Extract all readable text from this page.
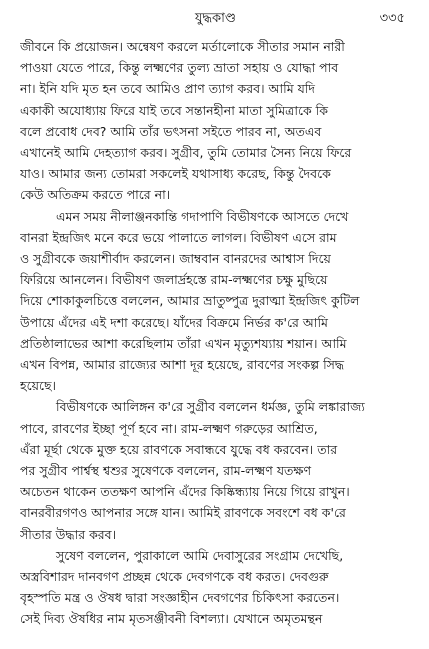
যুদ্ধকাণ্ড	৩৩৫
জীবনে কি প্রয়োজন। অন্বেষণ করলে মর্তালোকে সীতার সমান নারী
পাওয়া যেতে পারে, কিন্তু লক্ষ্মণের তুল্য ভ্রাতা সহায় ও যোদ্ধা পাব
না। ইনি যদি মৃত হন তবে আমিও প্রাণ ত্যাগ করব। আমি যদি
একাকী অযোধ্যায় ফিরে যাই তবে সন্তানহীনা মাতা সুমিত্রাকে কি
বলে প্রবোধ দেব? আমি তাঁর ভৎসনা সইতে পারব না, অতএব
এখানেই আমি দেহত্যাগ করব। সুগ্রীব, তুমি তোমার সৈন্য নিয়ে ফিরে
যাও। আমার জন্য তোমরা সকলেই যথাসাধ্য করেছ, কিন্তু দৈবকে
কেউ অতিক্রম করতে পারে না।
এমন সময় নীলাঞ্জনকান্তি গদাপাণি বিভীষণকে আসতে দেখে
বানরা ইন্দ্রজিৎ মনে করে ভয়ে পালাতে লাগল। বিভীষণ এসে রাম
ও সুগ্রীবকে জয়াশীর্বাদ করলেন। জাম্ববান বানরদের আশ্বাস দিয়ে
ফিরিয়ে আনলেন। বিভীষণ জলার্দ্রহস্তে রাম-লক্ষ্মণের চক্ষু মুছিয়ে
দিয়ে শোকাকুলচিত্তে বললেন, আমার ভ্রাতুষ্পুত্র দুরাত্মা ইন্দ্রজিৎ কুটিল
উপায়ে এঁদের এই দশা করেছে। যাঁদের বিক্রমে নির্ভর ক'রে আমি
প্রতিষ্ঠালাভের আশা করেছিলাম তাঁরা এখন মৃত্যুশয্যায় শয়ান। আমি
এখন বিপন্ন, আমার রাজ্যের আশা দূর হয়েছে, রাবণের সংকল্প সিদ্ধ
হয়েছে।
বিভীষণকে আলিঙ্গন ক'রে সুগ্রীব বললেন ধর্মজ্ঞ, তুমি লঙ্কারাজ্য
পাবে, রাবণের ইচ্ছা পূর্ণ হবে না। রাম-লক্ষ্মণ গরুড়ের আশ্রিত,
এঁরা মূর্ছা থেকে মুক্ত হয়ে রাবণকে সবান্ধবে যুদ্ধে বধ করবেন। তার
পর সুগ্রীব পার্শ্বস্থ শ্বশুর সুষেণকে বললেন, রাম-লক্ষ্মণ যতক্ষণ
অচেতন থাকেন ততক্ষণ আপনি এঁদের কিষ্কিন্ধ্যায় নিয়ে গিয়ে রাখুন।
বানরবীরগণও আপনার সঙ্গে যান। আমিই রাবণকে সবংশে বধ ক'রে
সীতার উদ্ধার করব।
সুষেণ বললেন, পুরাকালে আমি দেবাসুরের সংগ্রাম দেখেছি,
অস্ত্রবিশারদ দানবগণ প্রচ্ছন্ন থেকে দেবগণকে বধ করত। দেবগুরু
বৃহস্পতি মন্ত্র ও ঔষধ দ্বারা সংজ্ঞাহীন দেবগণের চিকিৎসা করতেন।
সেই দিব্য ঔষধির নাম মৃতসঞ্জীবনী বিশল্যা। যেখানে অমৃতমন্থন
